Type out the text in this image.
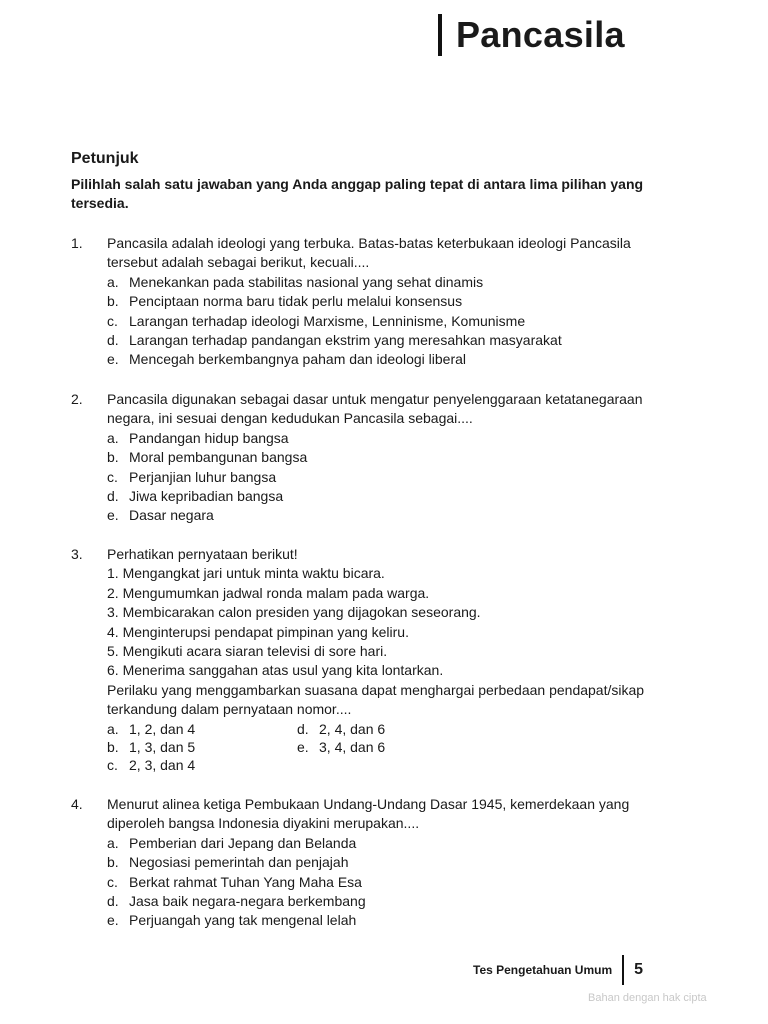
Pancasila
Petunjuk
Pilihlah salah satu jawaban yang Anda anggap paling tepat di antara lima pilihan yang tersedia.
1.	Pancasila adalah ideologi yang terbuka. Batas-batas keterbukaan ideologi Pancasila tersebut adalah sebagai berikut, kecuali....
a. Menekankan pada stabilitas nasional yang sehat dinamis
b. Penciptaan norma baru tidak perlu melalui konsensus
c. Larangan terhadap ideologi Marxisme, Lenninisme, Komunisme
d. Larangan terhadap pandangan ekstrim yang meresahkan masyarakat
e. Mencegah berkembangnya paham dan ideologi liberal
2.	Pancasila digunakan sebagai dasar untuk mengatur penyelenggaraan ketatanegaraan negara, ini sesuai dengan kedudukan Pancasila sebagai....
a. Pandangan hidup bangsa
b. Moral pembangunan bangsa
c. Perjanjian luhur bangsa
d. Jiwa kepribadian bangsa
e. Dasar negara
3.	Perhatikan pernyataan berikut!
1. Mengangkat jari untuk minta waktu bicara.
2. Mengumumkan jadwal ronda malam pada warga.
3. Membicarakan calon presiden yang dijagokan seseorang.
4. Menginterupsi pendapat pimpinan yang keliru.
5. Mengikuti acara siaran televisi di sore hari.
6. Menerima sanggahan atas usul yang kita lontarkan.
Perilaku yang menggambarkan suasana dapat menghargai perbedaan pendapat/sikap terkandung dalam pernyataan nomor....
a. 1, 2, dan 4	d. 2, 4, dan 6
b. 1, 3, dan 5	e. 3, 4, dan 6
c. 2, 3, dan 4
4.	Menurut alinea ketiga Pembukaan Undang-Undang Dasar 1945, kemerdekaan yang diperoleh bangsa Indonesia diyakini merupakan....
a. Pemberian dari Jepang dan Belanda
b. Negosiasi pemerintah dan penjajah
c. Berkat rahmat Tuhan Yang Maha Esa
d. Jasa baik negara-negara berkembang
e. Perjuangah yang tak mengenal lelah
Tes Pengetahuan Umum 5
Bahan dengan hak cipta
